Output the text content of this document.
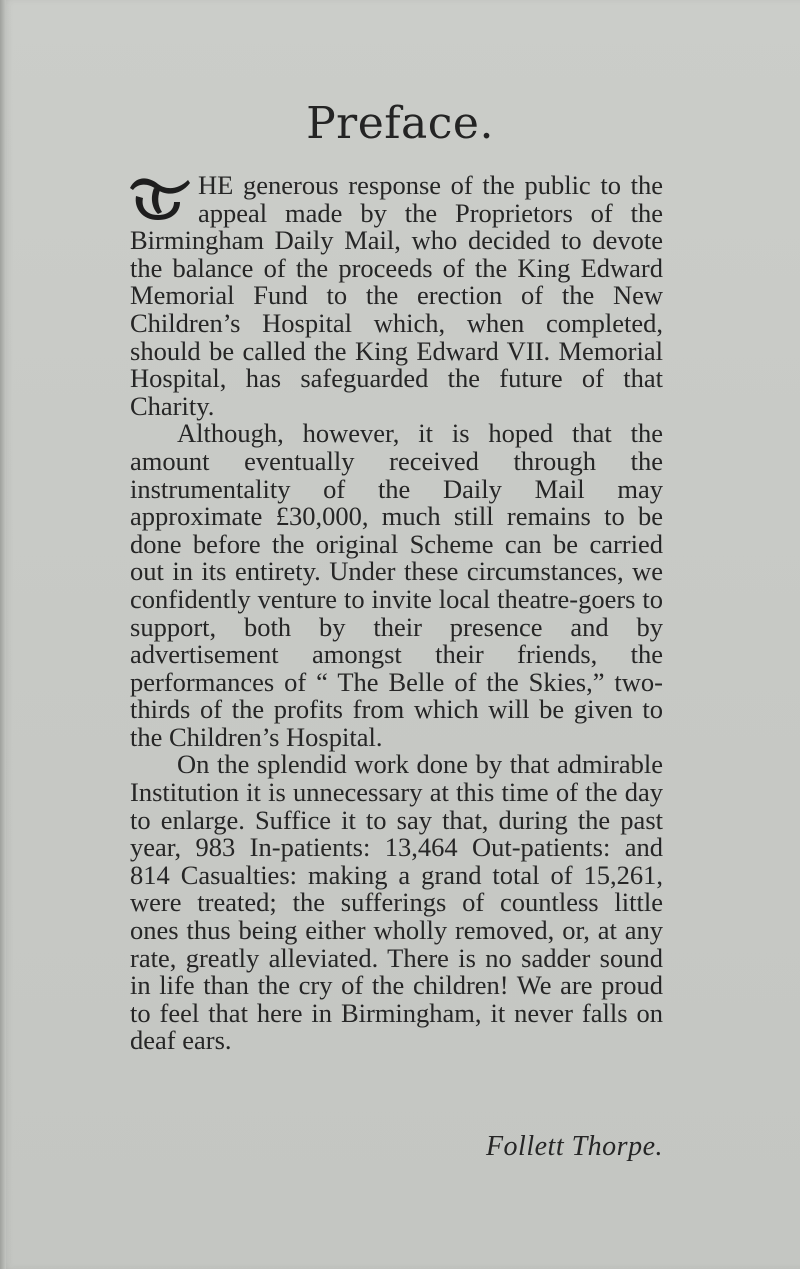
Preface.

HE generous response of the public to the appeal made by the Proprietors of the Birmingham Daily Mail, who decided to devote the balance of the proceeds of the King Edward Memorial Fund to the erection of the New Children’s Hospital which, when completed, should be called the King Edward VII. Memorial Hospital, has safeguarded the future of that Charity.

Although, however, it is hoped that the amount eventually received through the instrumentality of the Daily Mail may approximate £30,000, much still remains to be done before the original Scheme can be carried out in its entirety. Under these circumstances, we confidently venture to invite local theatre-goers to support, both by their presence and by advertisement amongst their friends, the performances of “ The Belle of the Skies,” two-thirds of the profits from which will be given to the Children’s Hospital.

On the splendid work done by that admirable Institution it is unnecessary at this time of the day to enlarge. Suffice it to say that, during the past year, 983 In-patients: 13,464 Out-patients: and 814 Casualties: making a grand total of 15,261, were treated; the sufferings of countless little ones thus being either wholly removed, or, at any rate, greatly alleviated. There is no sadder sound in life than the cry of the children! We are proud to feel that here in Birmingham, it never falls on deaf ears.

Follett Thorpe.
